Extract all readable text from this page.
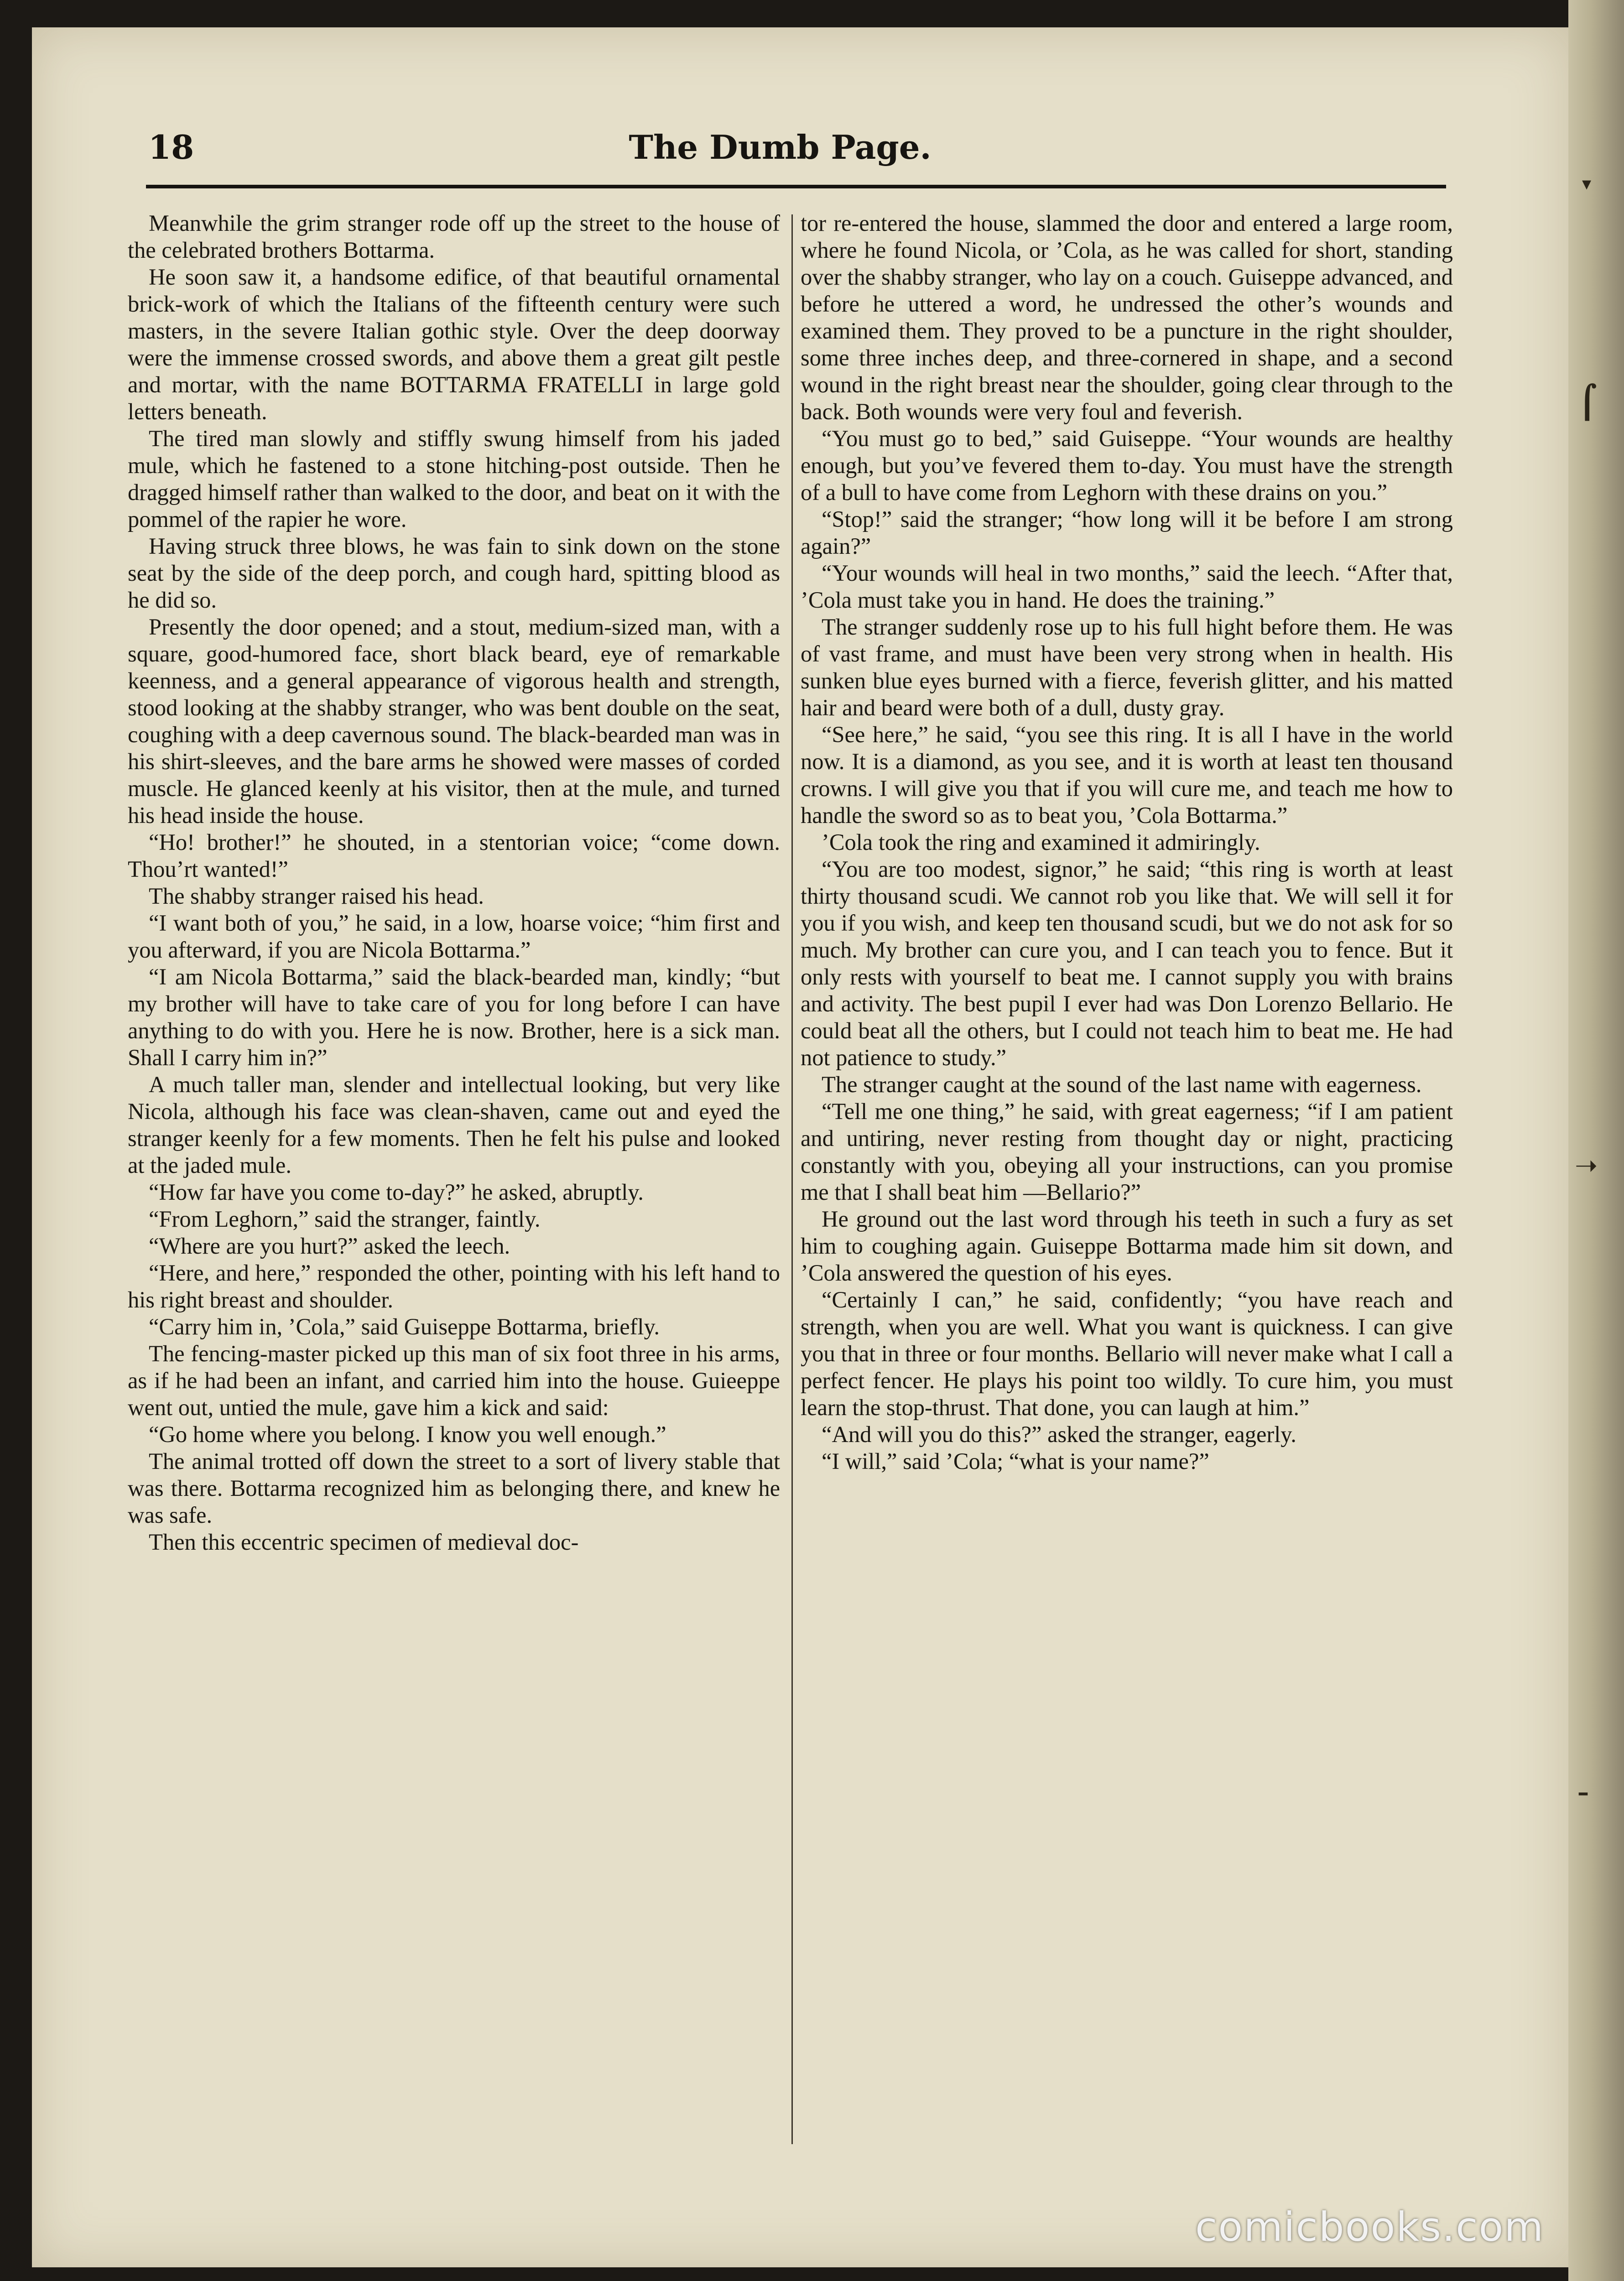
▾
⌠
➝
–
18	The Dumb Page.

Meanwhile the grim stranger rode off up the street to the house of the celebrated brothers Bottarma.

He soon saw it, a handsome edifice, of that beautiful ornamental brick-work of which the Italians of the fifteenth century were such masters, in the severe Italian gothic style. Over the deep doorway were the immense crossed swords, and above them a great gilt pestle and mortar, with the name BOTTARMA FRATELLI in large gold letters beneath.

The tired man slowly and stiffly swung himself from his jaded mule, which he fastened to a stone hitching-post outside. Then he dragged himself rather than walked to the door, and beat on it with the pommel of the rapier he wore.

Having struck three blows, he was fain to sink down on the stone seat by the side of the deep porch, and cough hard, spitting blood as he did so.

Presently the door opened; and a stout, medium-sized man, with a square, good-humored face, short black beard, eye of remarkable keenness, and a general appearance of vigorous health and strength, stood looking at the shabby stranger, who was bent double on the seat, coughing with a deep cavernous sound. The black-bearded man was in his shirt-sleeves, and the bare arms he showed were masses of corded muscle. He glanced keenly at his visitor, then at the mule, and turned his head inside the house.

“Ho! brother!” he shouted, in a stentorian voice; “come down. Thou’rt wanted!”

The shabby stranger raised his head.

“I want both of you,” he said, in a low, hoarse voice; “him first and you afterward, if you are Nicola Bottarma.”

“I am Nicola Bottarma,” said the black-bearded man, kindly; “but my brother will have to take care of you for long before I can have anything to do with you. Here he is now. Brother, here is a sick man. Shall I carry him in?”

A much taller man, slender and intellectual looking, but very like Nicola, although his face was clean-shaven, came out and eyed the stranger keenly for a few moments. Then he felt his pulse and looked at the jaded mule.

“How far have you come to-day?” he asked, abruptly.

“From Leghorn,” said the stranger, faintly.

“Where are you hurt?” asked the leech.

“Here, and here,” responded the other, pointing with his left hand to his right breast and shoulder.

“Carry him in, ’Cola,” said Guiseppe Bottarma, briefly.

The fencing-master picked up this man of six foot three in his arms, as if he had been an infant, and carried him into the house. Guieeppe went out, untied the mule, gave him a kick and said:

“Go home where you belong. I know you well enough.”

The animal trotted off down the street to a sort of livery stable that was there. Bottarma recognized him as belonging there, and knew he was safe.

Then this eccentric specimen of medieval doc-

tor re-entered the house, slammed the door and entered a large room, where he found Nicola, or ’Cola, as he was called for short, standing over the shabby stranger, who lay on a couch. Guiseppe advanced, and before he uttered a word, he undressed the other’s wounds and examined them. They proved to be a puncture in the right shoulder, some three inches deep, and three-cornered in shape, and a second wound in the right breast near the shoulder, going clear through to the back. Both wounds were very foul and feverish.

“You must go to bed,” said Guiseppe. “Your wounds are healthy enough, but you’ve fevered them to-day. You must have the strength of a bull to have come from Leghorn with these drains on you.”

“Stop!” said the stranger; “how long will it be before I am strong again?”

“Your wounds will heal in two months,” said the leech. “After that, ’Cola must take you in hand. He does the training.”

The stranger suddenly rose up to his full hight before them. He was of vast frame, and must have been very strong when in health. His sunken blue eyes burned with a fierce, feverish glitter, and his matted hair and beard were both of a dull, dusty gray.

“See here,” he said, “you see this ring. It is all I have in the world now. It is a diamond, as you see, and it is worth at least ten thousand crowns. I will give you that if you will cure me, and teach me how to handle the sword so as to beat you, ’Cola Bottarma.”

’Cola took the ring and examined it admiringly.

“You are too modest, signor,” he said; “this ring is worth at least thirty thousand scudi. We cannot rob you like that. We will sell it for you if you wish, and keep ten thousand scudi, but we do not ask for so much. My brother can cure you, and I can teach you to fence. But it only rests with yourself to beat me. I cannot supply you with brains and activity. The best pupil I ever had was Don Lorenzo Bellario. He could beat all the others, but I could not teach him to beat me. He had not patience to study.”

The stranger caught at the sound of the last name with eagerness.

“Tell me one thing,” he said, with great eagerness; “if I am patient and untiring, never resting from thought day or night, practicing constantly with you, obeying all your instructions, can you promise me that I shall beat him —Bellario?”

He ground out the last word through his teeth in such a fury as set him to coughing again. Guiseppe Bottarma made him sit down, and ’Cola answered the question of his eyes.

“Certainly I can,” he said, confidently; “you have reach and strength, when you are well. What you want is quickness. I can give you that in three or four months. Bellario will never make what I call a perfect fencer. He plays his point too wildly. To cure him, you must learn the stop-thrust. That done, you can laugh at him.”

“And will you do this?” asked the stranger, eagerly.

“I will,” said ’Cola; “what is your name?”

comicbooks.com
